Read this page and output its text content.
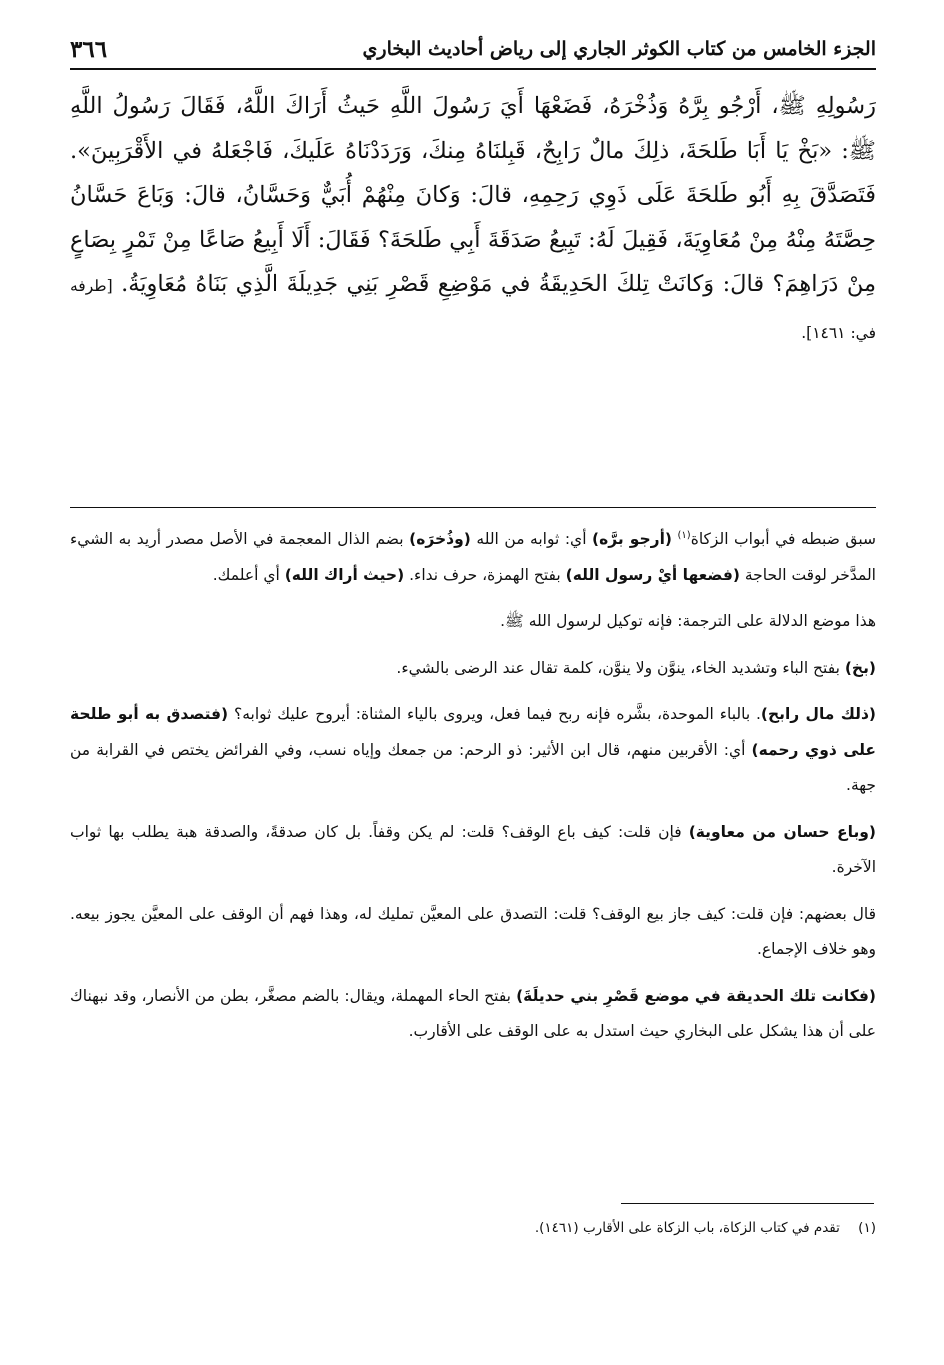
الجزء الخامس من كتاب الكوثر الجاري إلى رياض أحاديث البخاري
٣٦٦
رَسُولِهِ ﷺ، أَرْجُو بِرَّهُ وَذُخْرَهُ، فَضَعْهَا أَيَ رَسُولَ اللَّهِ حَيثُ أَرَاكَ اللَّهُ، فَقَالَ رَسُولُ اللَّهِ ﷺ: «بَخْ يَا أَبَا طَلحَةَ، ذلِكَ مالٌ رَابِحٌ، قَبِلنَاهُ مِنكَ، وَرَدَدْنَاهُ عَلَيكَ، فَاجْعَلهُ في الأَقْرَبِينَ». فَتَصَدَّقَ بِهِ أَبُو طَلحَةَ عَلَى ذَوِي رَحِمِهِ، قالَ: وَكانَ مِنْهُمْ أُبَيٌّ وَحَسَّانُ، قالَ: وَبَاعَ حَسَّانُ حِصَّتَهُ مِنْهُ مِنْ مُعَاوِيَةَ، فَقِيلَ لَهُ: تَبِيعُ صَدَقَةَ أَبِي طَلحَةَ؟ فَقَالَ: أَلَا أَبِيعُ صَاعًا مِنْ تَمْرٍ بِصَاعٍ مِنْ دَرَاهِمَ؟ قالَ: وَكانَتْ تِلكَ الحَدِيقَةُ في مَوْضِعِ قَصْرِ بَنِي جَدِيلَةَ الَّذِي بَنَاهُ مُعَاوِيَةُ. [طرفه في: ١٤٦١].

سبق ضبطه في أبواب الزكاة$^{(١)}$ (أرجو برَّه) أي: ثوابه من الله (وذُخرَه) بضم الذال المعجمة في الأصل مصدر أريد به الشيء المدَّخر لوقت الحاجة (فضعها أيْ رسول الله) بفتح الهمزة، حرف نداء. (حيث أراك الله) أي أعلمك.

هذا موضع الدلالة على الترجمة: فإنه توكيل لرسول الله ﷺ.

(بخ) بفتح الباء وتشديد الخاء، ينوَّن ولا ينوَّن، كلمة تقال عند الرضى بالشيء.

(ذلك مال رابح). بالباء الموحدة، بشَّره فإنه ربح فيما فعل، ويروى بالياء المثناة: أيروح عليك ثوابه؟ (فتصدق به أبو طلحة على ذوي رحمه) أي: الأقربين منهم، قال ابن الأثير: ذو الرحم: من جمعك وإياه نسب، وفي الفرائض يختص في القرابة من جهة.

(وباع حسان من معاوية) فإن قلت: كيف باع الوقف؟ قلت: لم يكن وقفاً. بل كان صدقةً، والصدقة هبة يطلب بها ثواب الآخرة.

قال بعضهم: فإن قلت: كيف جاز بيع الوقف؟ قلت: التصدق على المعيَّن تمليك له، وهذا فهم أن الوقف على المعيَّن يجوز بيعه. وهو خلاف الإجماع.

(فكانت تلك الحديقة في موضع قَصْرِ بني حديلَةَ) بفتح الحاء المهملة، ويقال: بالضم مصغَّر، بطن من الأنصار، وقد نبهناك على أن هذا يشكل على البخاري حيث استدل به على الوقف على الأقارب.

(١) تقدم في كتاب الزكاة، باب الزكاة على الأقارب (١٤٦١).
